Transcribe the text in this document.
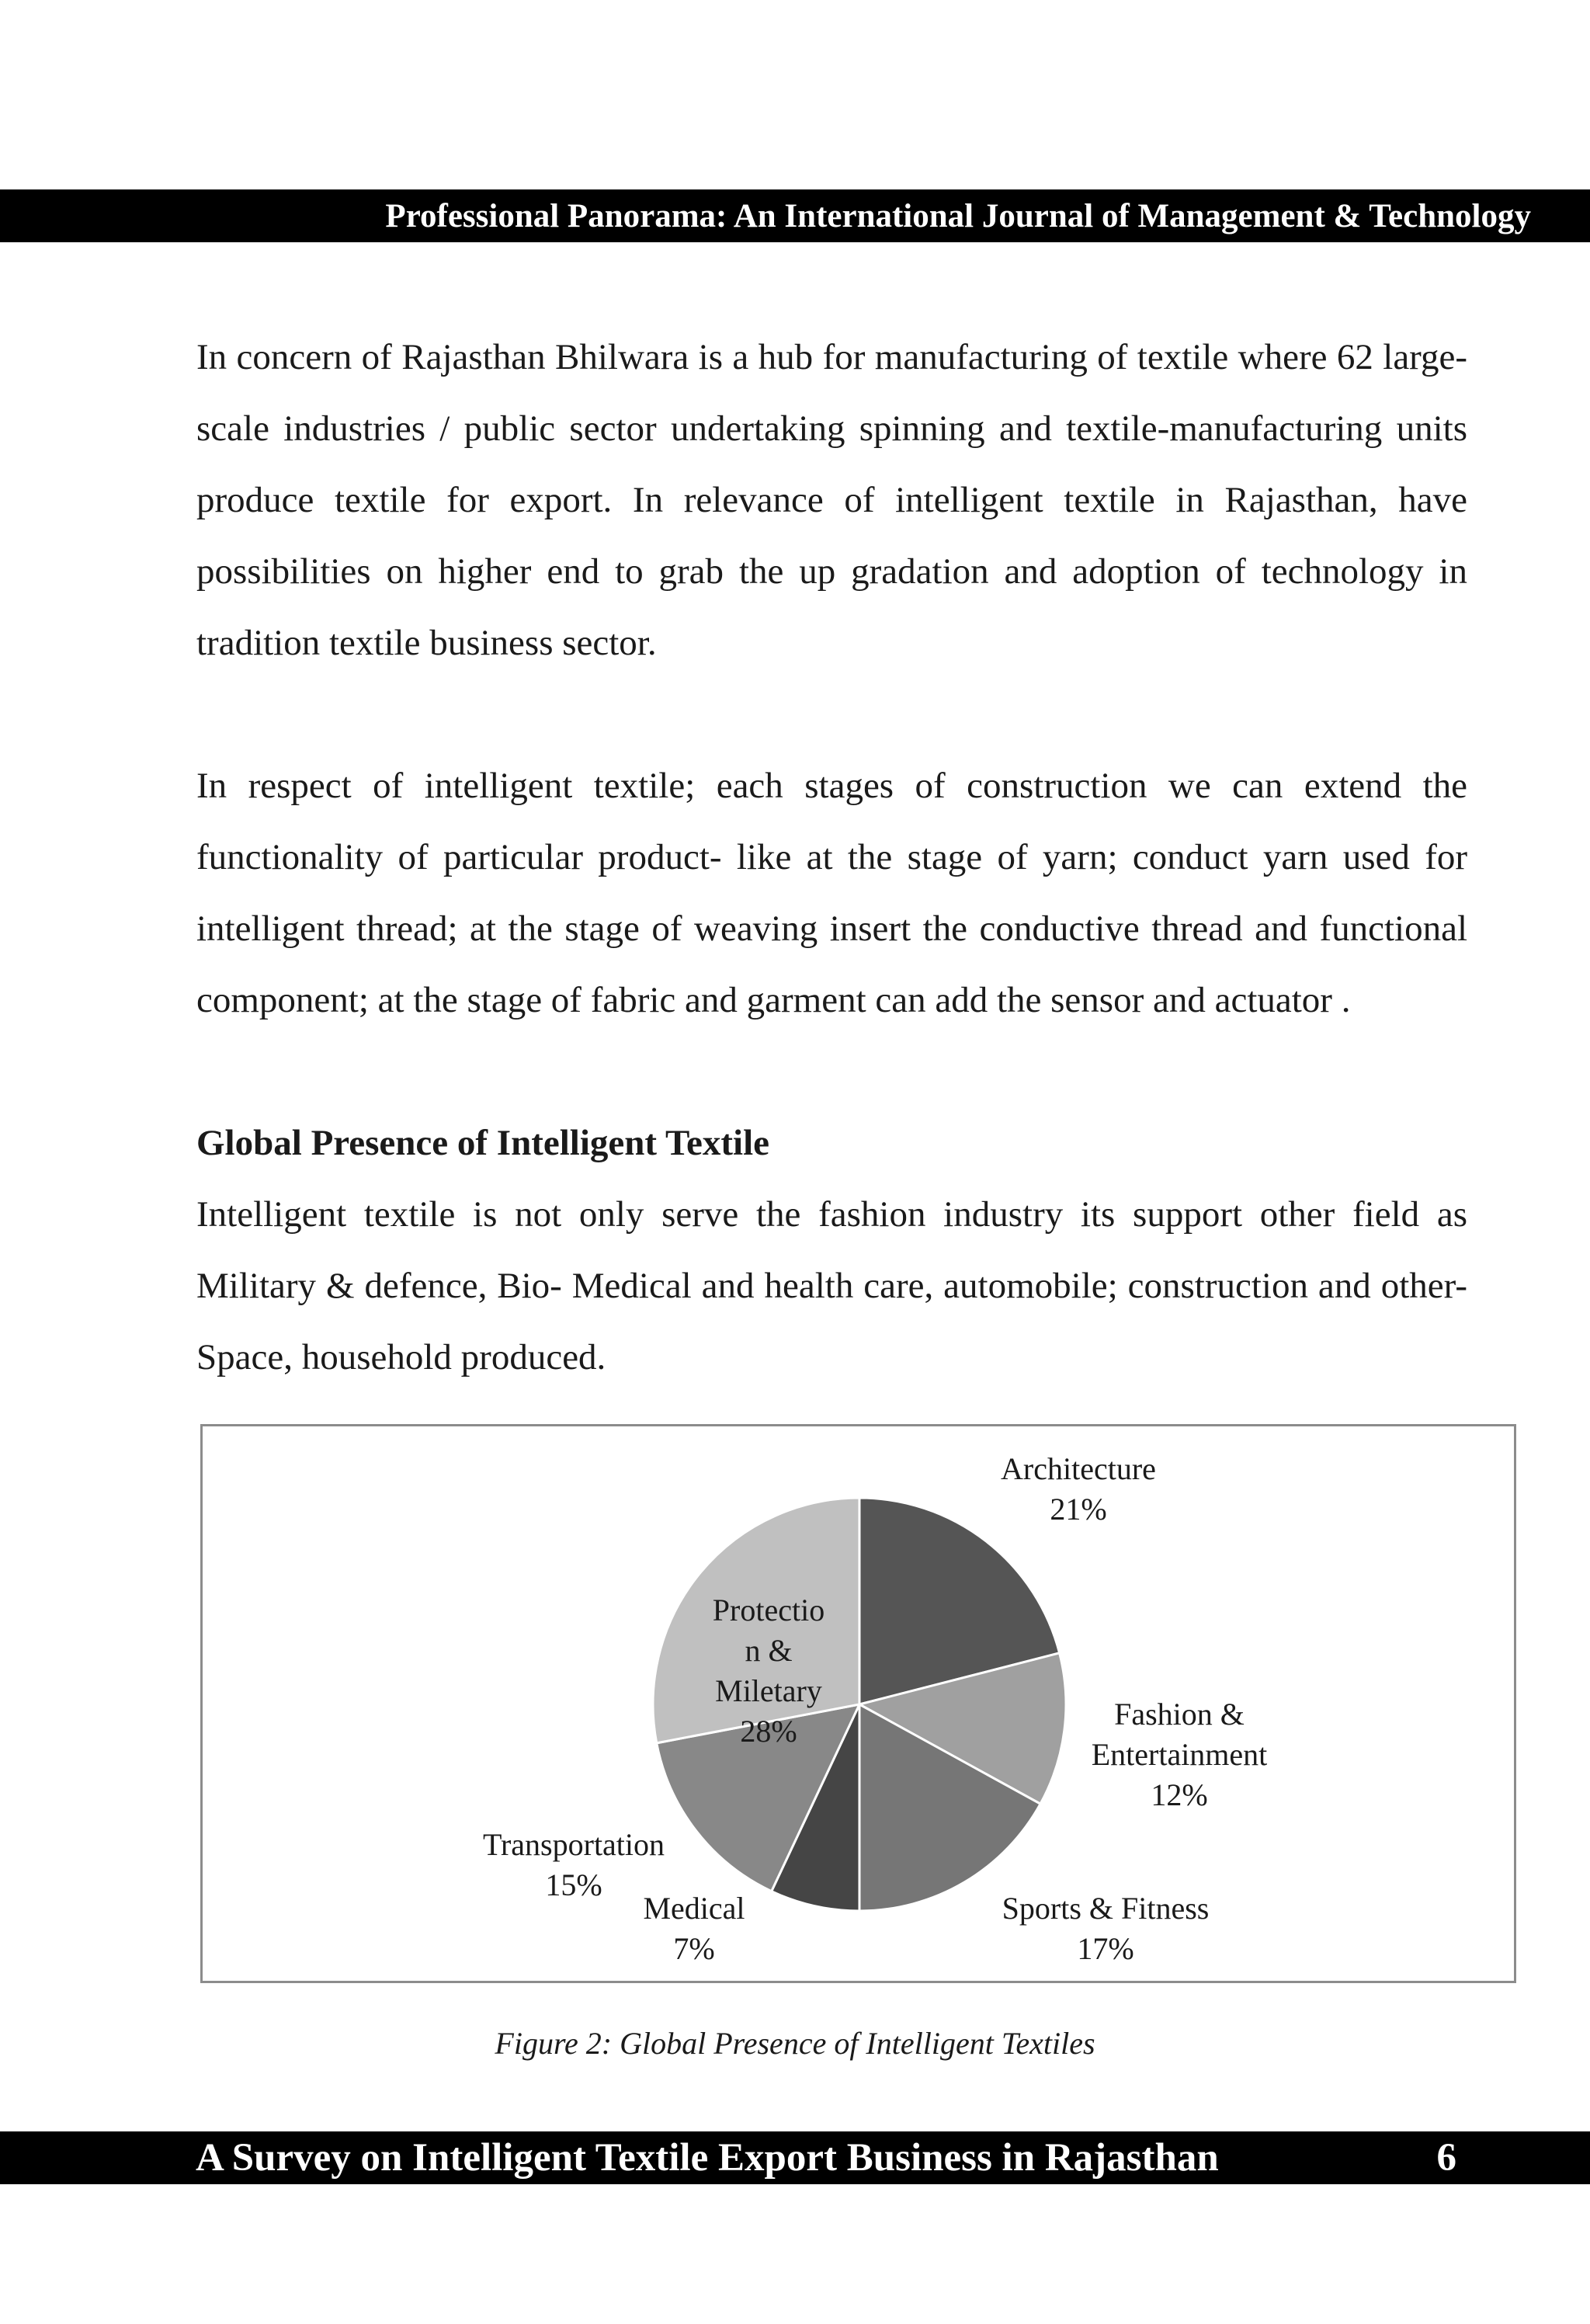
Professional Panorama: An International Journal of Management & Technology
In concern of Rajasthan Bhilwara is a hub for manufacturing of textile where 62 large-scale industries / public sector undertaking spinning and textile-manufacturing units produce textile for export. In relevance of intelligent textile in Rajasthan, have possibilities on higher end to grab the up gradation and adoption of technology in tradition textile business sector.
In respect of intelligent textile; each stages of construction we can extend the functionality of particular product- like at the stage of yarn; conduct yarn used for intelligent thread; at the stage of weaving insert the conductive thread and functional component; at the stage of fabric and garment can add the sensor and actuator .
Global Presence of Intelligent Textile
Intelligent textile is not only serve the fashion industry its support other field as Military & defence, Bio- Medical and health care, automobile; construction and other-Space, household produced.
Architecture 21%
Fashion & Entertainment 12%
Sports & Fitness 17%
Medical 7%
Transportation 15%
Protectio n & Miletary 28%
Figure 2: Global Presence of Intelligent Textiles
A Survey on Intelligent Textile Export Business in Rajasthan	6
